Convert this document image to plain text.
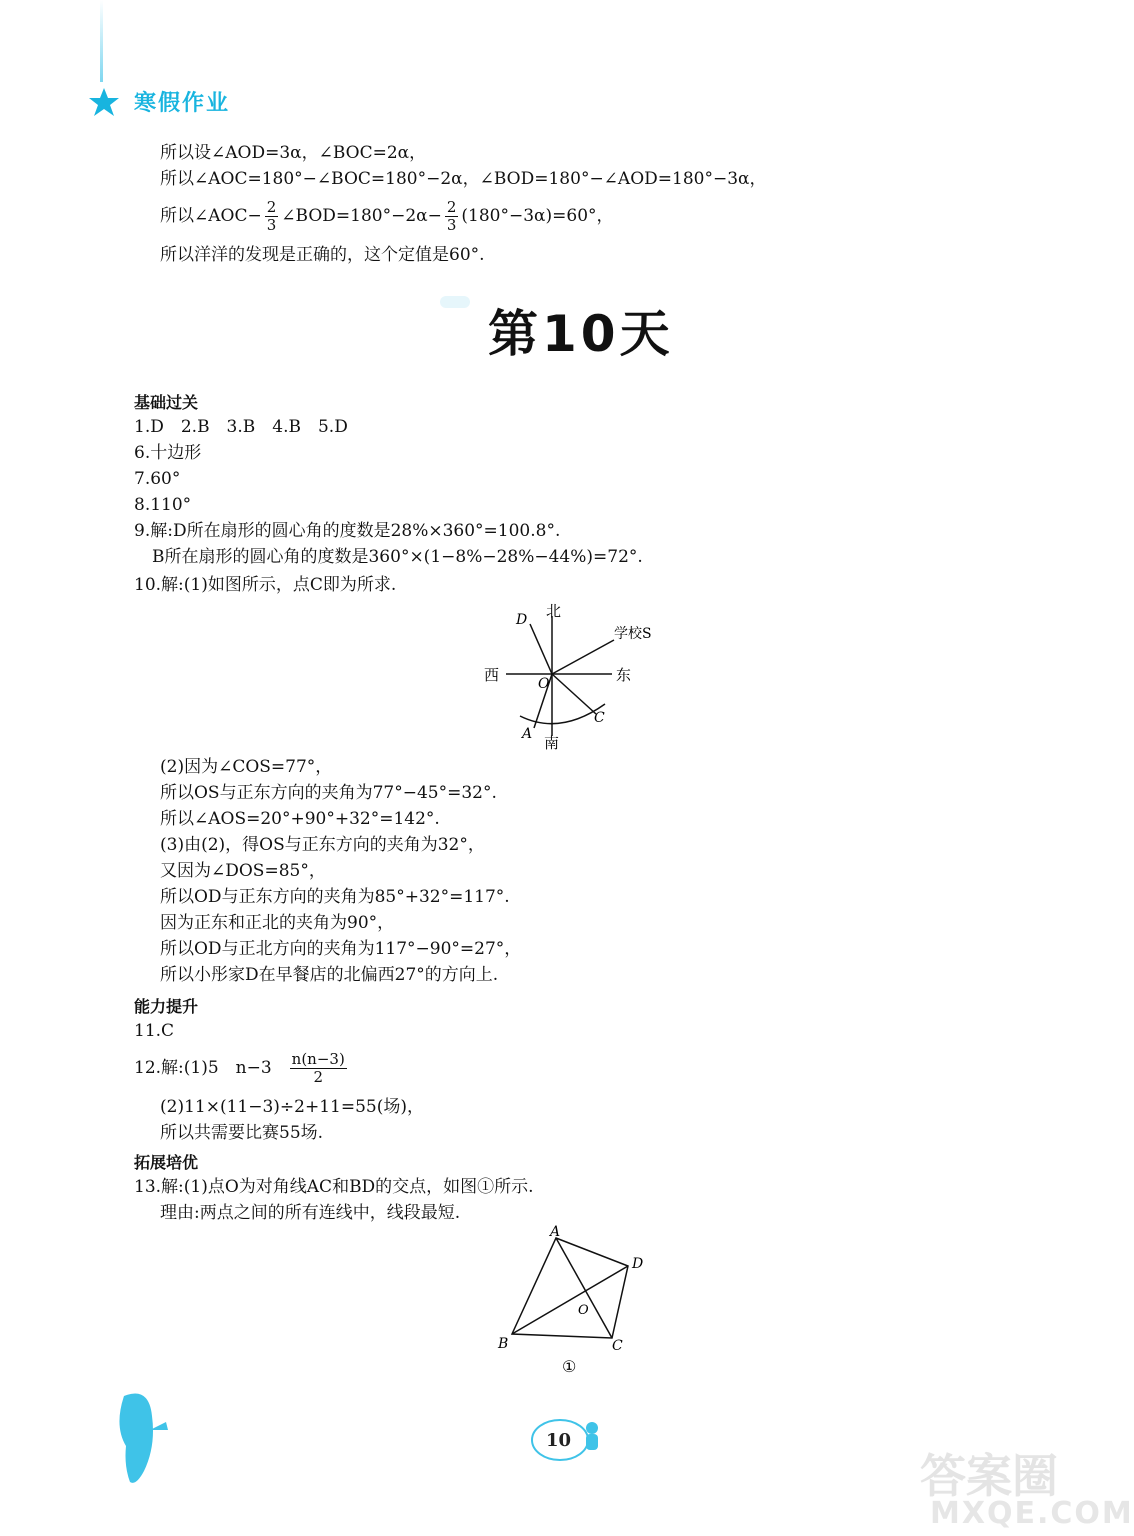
寒假作业
所以设∠AOD=3α，∠BOC=2α，
所以∠AOC=180°−∠BOC=180°−2α，∠BOD=180°−∠AOD=180°−3α，
所以∠AOC− $\frac{2}{3}$ ∠BOD=180°−2α− $\frac{2}{3} (180^\circ-3\alpha)=60^\circ$，
所以洋洋的发现是正确的，这个定值是60°.
第10天
基础过关
1.D　2.B　3.B　4.B　5.D
6.十边形
7.60°
8.110°
9.解:D所在扇形的圆心角的度数是28%×360°=100.8°.
B所在扇形的圆心角的度数是360°×(1−8%−28%−44%)=72°.
10.解:(1)如图所示，点C即为所求.
北
南
东
西	O
D
A
C
学校S
(2)因为∠COS=77°，
所以OS与正东方向的夹角为77°−45°=32°.
所以∠AOS=20°+90°+32°=142°.
(3)由(2)，得OS与正东方向的夹角为32°，
又因为∠DOS=85°，
所以OD与正东方向的夹角为85°+32°=117°.
因为正东和正北的夹角为90°，
所以OD与正北方向的夹角为117°−90°=27°，
所以小彤家D在早餐店的北偏西27°的方向上.
能力提升
11.C
12.解:(1)5　$n-3 \frac{n(n-3)}{2}$
(2)11×(11−3)÷2+11=55(场)，
所以共需要比赛55场.
拓展培优
13.解:(1)点O为对角线AC和BD的交点，如图①所示.
理由:两点之间的所有连线中，线段最短.
A
B	C
D
O
①
10
答案圈
MXQE.COM
